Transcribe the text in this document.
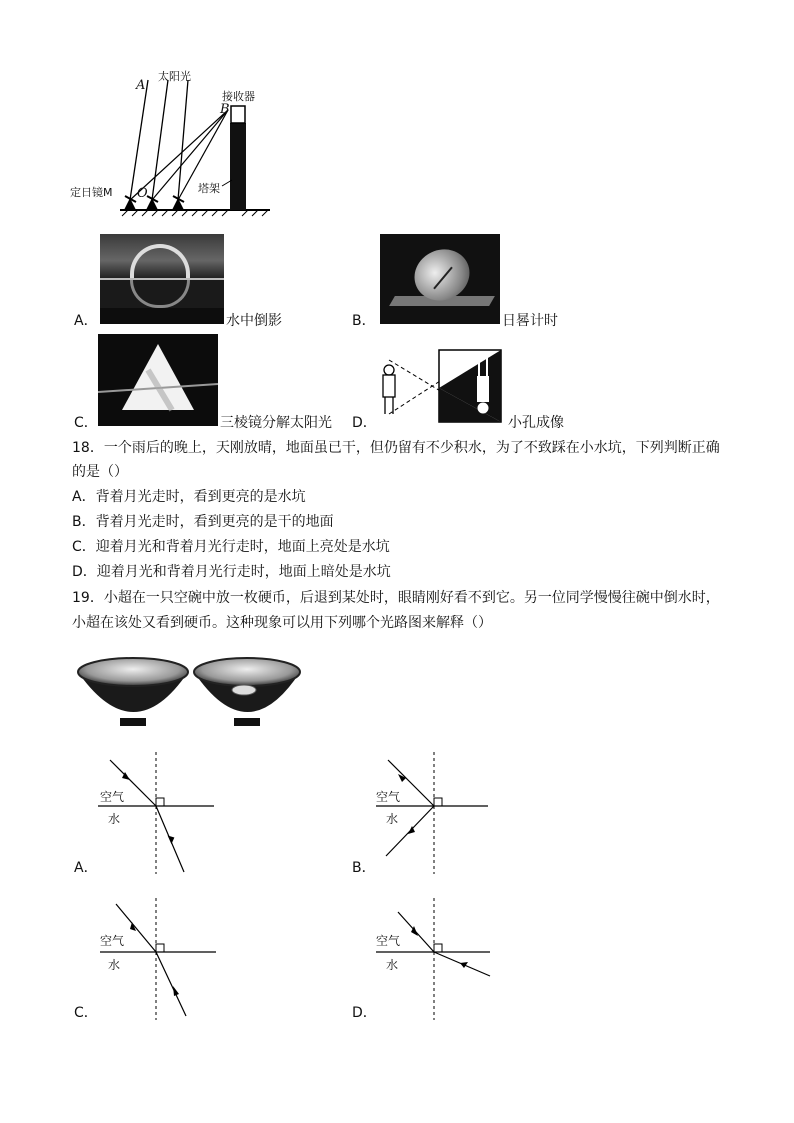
太阳光
A
接收器
B
定日镜M O	塔架
A．	水中倒影	B．	日晷计时
C．	三棱镜分解太阳光 D．	小孔成像
18．一个雨后的晚上，天刚放晴，地面虽已干，但仍留有不少积水，为了不致踩在小水坑，下列判断正确
的是（）
A．背着月光走时，看到更亮的是水坑
B．背着月光走时，看到更亮的是干的地面
C．迎着月光和背着月光行走时，地面上亮处是水坑
D．迎着月光和背着月光行走时，地面上暗处是水坑
19．小超在一只空碗中放一枚硬币，后退到某处时，眼睛刚好看不到它。另一位同学慢慢往碗中倒水时，
小超在该处又看到硬币。这种现象可以用下列哪个光路图来解释（）
空气
水
A．
空气
水
B．
空气
水
C．
空气
水
D．
